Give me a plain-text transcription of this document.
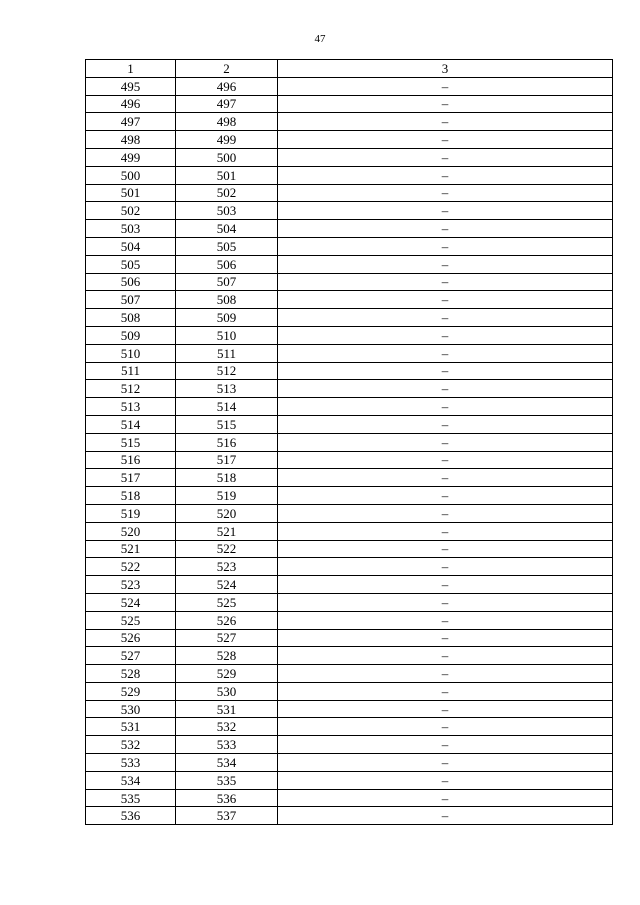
47
1	2	3
495	496	–
496	497	–
497	498	–
498	499	–
499	500	–
500	501	–
501	502	–
502	503	–
503	504	–
504	505	–
505	506	–
506	507	–
507	508	–
508	509	–
509	510	–
510	511	–
511	512	–
512	513	–
513	514	–
514	515	–
515	516	–
516	517	–
517	518	–
518	519	–
519	520	–
520	521	–
521	522	–
522	523	–
523	524	–
524	525	–
525	526	–
526	527	–
527	528	–
528	529	–
529	530	–
530	531	–
531	532	–
532	533	–
533	534	–
534	535	–
535	536	–
536	537	–
